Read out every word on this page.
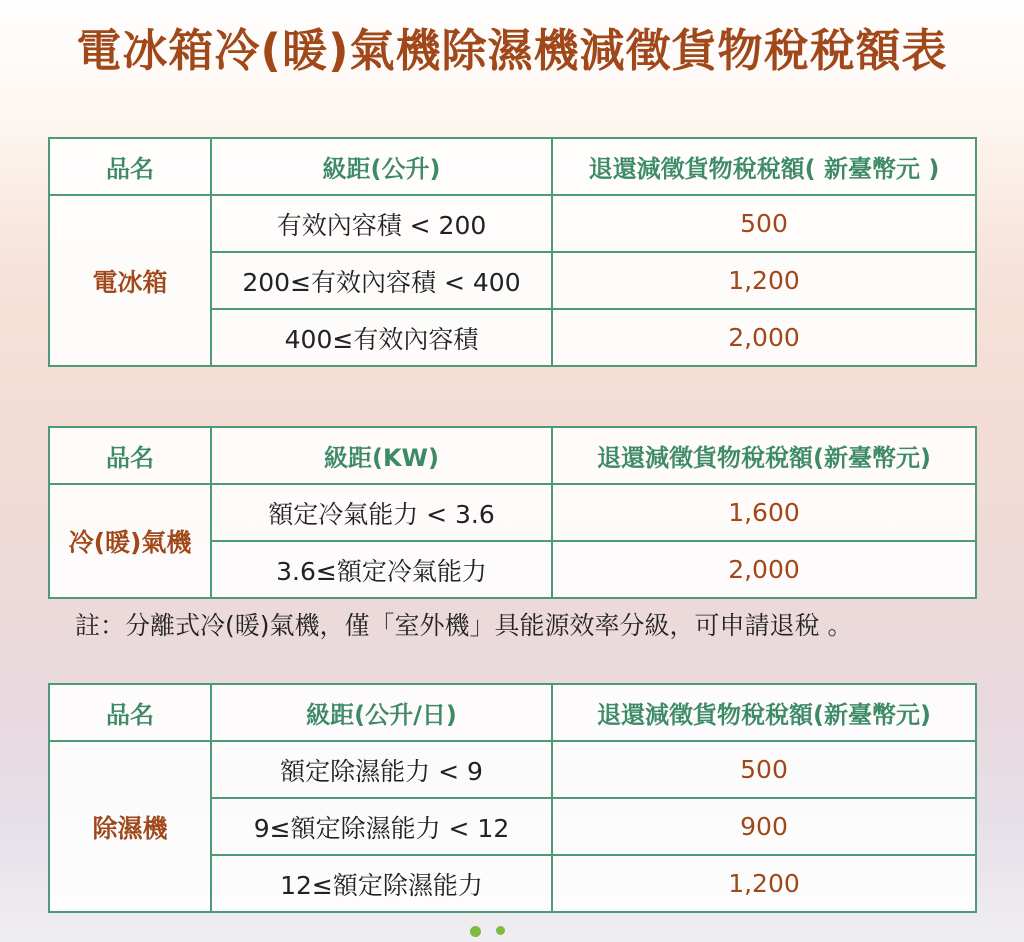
電冰箱冷(暖)氣機除濕機減徵貨物稅稅額表
品名	級距(公升)	退還減徵貨物稅稅額( 新臺幣元 )
電冰箱	有效內容積 < 200	500
	200≤有效內容積 < 400	1,200
	400≤有效內容積	2,000
品名	級距(KW)	退還減徵貨物稅稅額(新臺幣元)
冷(暖)氣機	額定冷氣能力 < 3.6	1,600
	3.6≤額定冷氣能力	2,000
註：分離式冷(暖)氣機，僅「室外機」具能源效率分級，可申請退稅 。
品名	級距(公升/日)	退還減徵貨物稅稅額(新臺幣元)
除濕機	額定除濕能力 < 9	500
	9≤額定除濕能力 < 12	900
	12≤額定除濕能力	1,200
